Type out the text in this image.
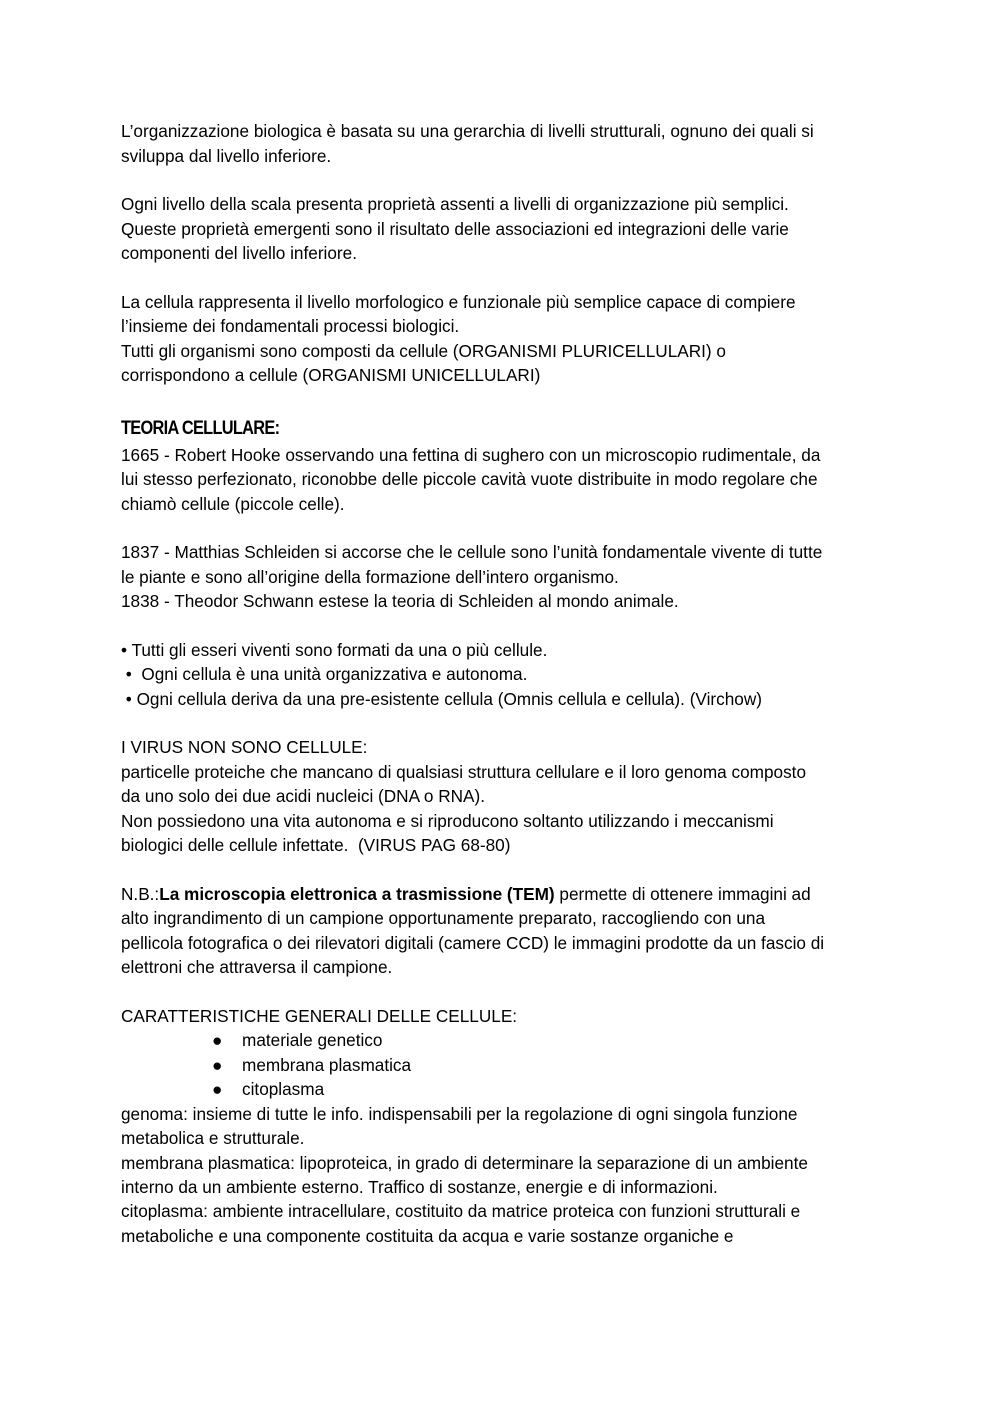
L’organizzazione biologica è basata su una gerarchia di livelli strutturali, ognuno dei quali si
sviluppa dal livello inferiore.
Ogni livello della scala presenta proprietà assenti a livelli di organizzazione più semplici.
Queste proprietà emergenti sono il risultato delle associazioni ed integrazioni delle varie
componenti del livello inferiore.
La cellula rappresenta il livello morfologico e funzionale più semplice capace di compiere
l’insieme dei fondamentali processi biologici.
Tutti gli organismi sono composti da cellule (ORGANISMI PLURICELLULARI) o
corrispondono a cellule (ORGANISMI UNICELLULARI)
TEORIA CELLULARE:
1665 - Robert Hooke osservando una fettina di sughero con un microscopio rudimentale, da
lui stesso perfezionato, riconobbe delle piccole cavità vuote distribuite in modo regolare che
chiamò cellule (piccole celle).
1837 - Matthias Schleiden si accorse che le cellule sono l’unità fondamentale vivente di tutte
le piante e sono all’origine della formazione dell’intero organismo.
1838 - Theodor Schwann estese la teoria di Schleiden al mondo animale.
• Tutti gli esseri viventi sono formati da una o più cellule.
•  Ogni cellula è una unità organizzativa e autonoma.
• Ogni cellula deriva da una pre-esistente cellula (Omnis cellula e cellula). (Virchow)
I VIRUS NON SONO CELLULE:
particelle proteiche che mancano di qualsiasi struttura cellulare e il loro genoma composto
da uno solo dei due acidi nucleici (DNA o RNA).
Non possiedono una vita autonoma e si riproducono soltanto utilizzando i meccanismi
biologici delle cellule infettate.  (VIRUS PAG 68-80)
N.B.:La microscopia elettronica a trasmissione (TEM) permette di ottenere immagini ad
alto ingrandimento di un campione opportunamente preparato, raccogliendo con una
pellicola fotografica o dei rilevatori digitali (camere CCD) le immagini prodotte da un fascio di
elettroni che attraversa il campione.
CARATTERISTICHE GENERALI DELLE CELLULE:
● materiale genetico
● membrana plasmatica
● citoplasma
genoma: insieme di tutte le info. indispensabili per la regolazione di ogni singola funzione
metabolica e strutturale.
membrana plasmatica: lipoproteica, in grado di determinare la separazione di un ambiente
interno da un ambiente esterno. Traffico di sostanze, energie e di informazioni.
citoplasma: ambiente intracellulare, costituito da matrice proteica con funzioni strutturali e
metaboliche e una componente costituita da acqua e varie sostanze organiche e
